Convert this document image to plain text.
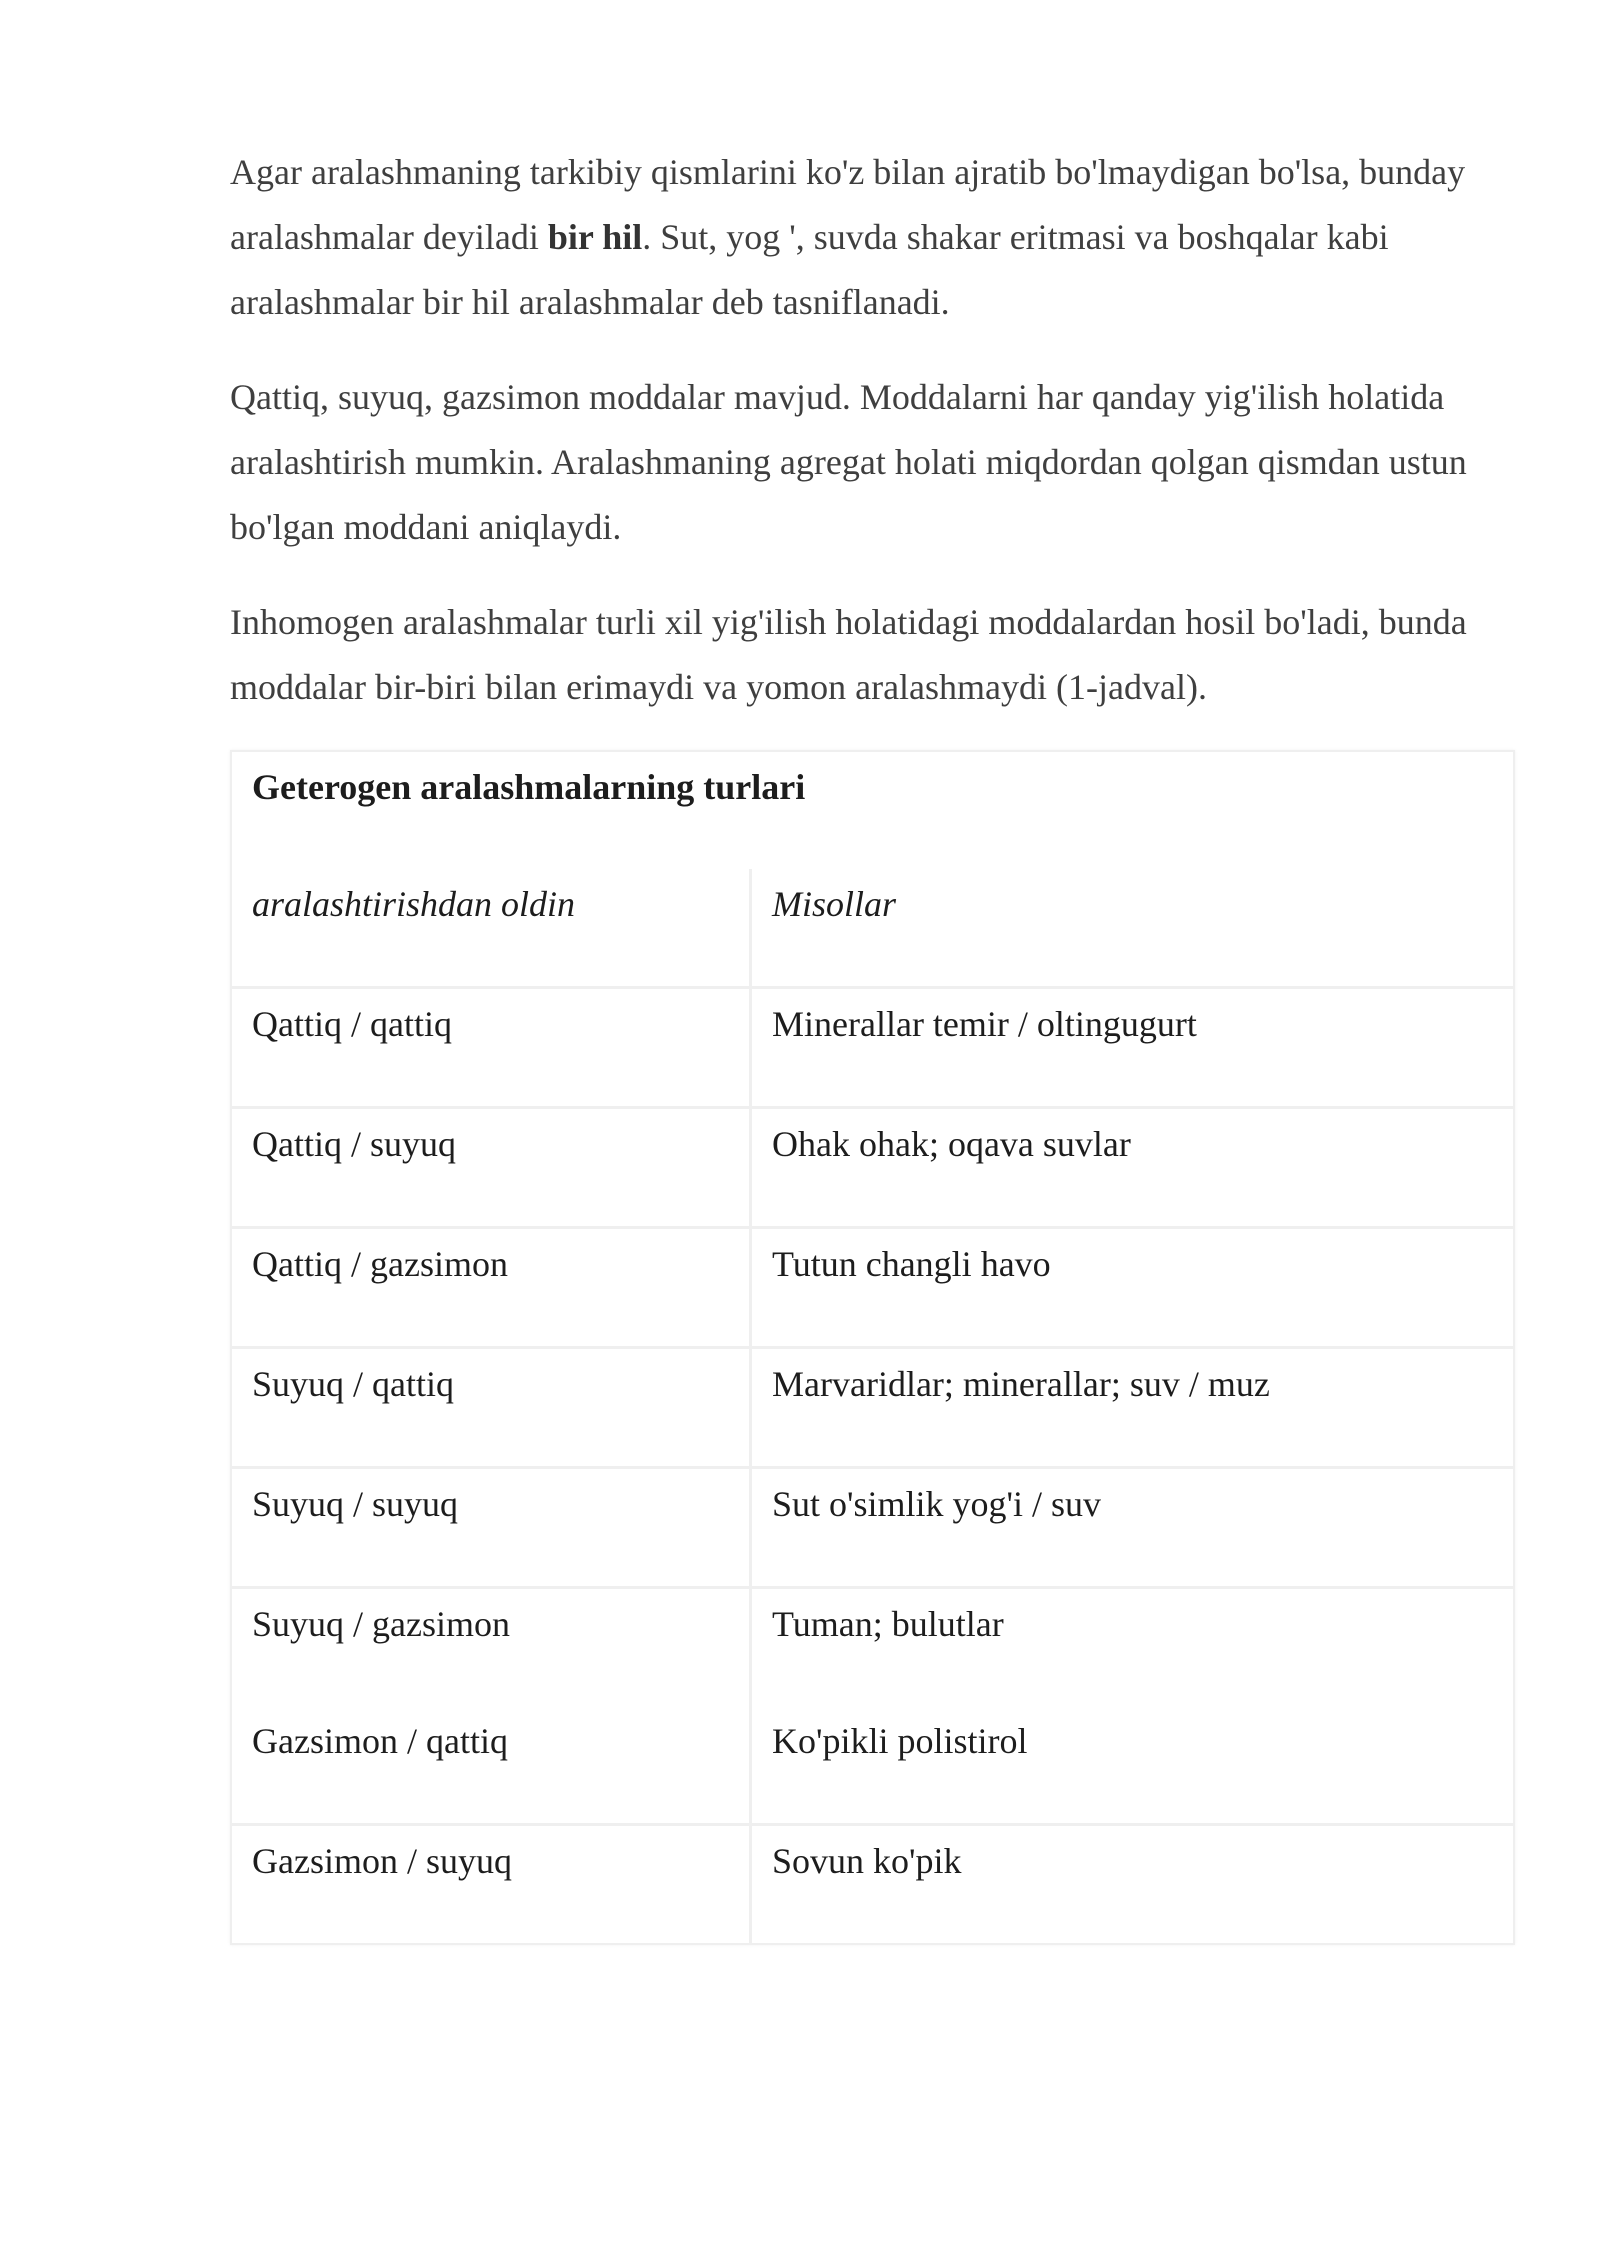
Agar aralashmaning tarkibiy qismlarini ko'z bilan ajratib bo'lmaydigan bo'lsa, bunday aralashmalar deyiladi bir hil. Sut, yog ', suvda shakar eritmasi va boshqalar kabi aralashmalar bir hil aralashmalar deb tasniflanadi.

Qattiq, suyuq, gazsimon moddalar mavjud. Moddalarni har qanday yig'ilish holatida aralashtirish mumkin. Aralashmaning agregat holati miqdordan qolgan qismdan ustun bo'lgan moddani aniqlaydi.

Inhomogen aralashmalar turli xil yig'ilish holatidagi moddalardan hosil bo'ladi, bunda moddalar bir-biri bilan erimaydi va yomon aralashmaydi (1-jadval).

Geterogen aralashmalarning turlari	
aralashtirishdan oldin	Misollar
Qattiq / qattiq	Minerallar temir / oltingugurt
Qattiq / suyuq	Ohak ohak; oqava suvlar
Qattiq / gazsimon	Tutun changli havo
Suyuq / qattiq	Marvaridlar; minerallar; suv / muz
Suyuq / suyuq	Sut o'simlik yog'i / suv
Suyuq / gazsimon	Tuman; bulutlar
Gazsimon / qattiq	Ko'pikli polistirol
Gazsimon / suyuq	Sovun ko'pik
